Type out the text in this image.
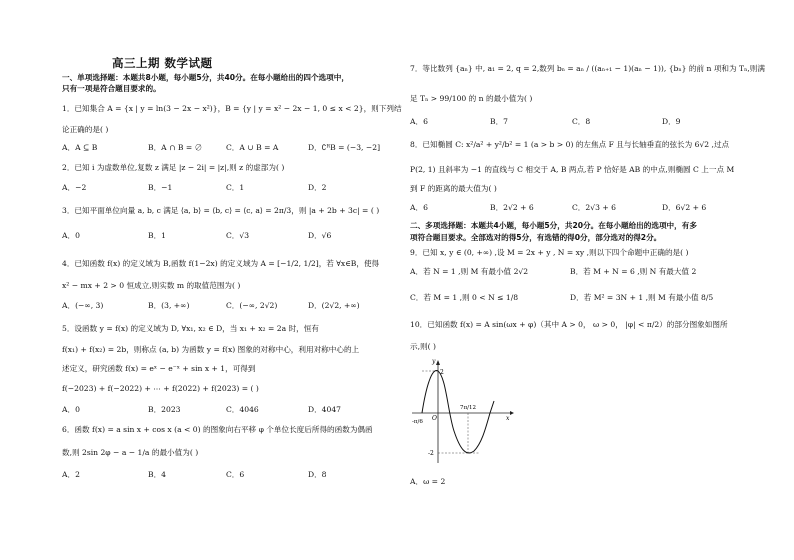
高三上期 数学试题
一、单项选择题：本题共8小题，每小题5分，共40分。在每小题给出的四个选项中，
只有一项是符合题目要求的。
1．已知集合 A = {x | y = ln(3 − 2x − x²)}，B = {y | y = x² − 2x − 1, 0 ≤ x < 2}，则下列结
论正确的是( )
A．A ⊆ B	B．A ∩ B = ∅	C．A ∪ B = A	D．∁ᴿB = (−3, −2]
2．已知 i 为虚数单位,复数 z 满足 |z − 2i| = |z|,则 z 的虚部为( )
A．−2	B．−1	C．1	D．2
3．已知平面单位向量 a, b, c 满足 ⟨a, b⟩ = ⟨b, c⟩ = ⟨c, a⟩ = 2π/3，则 |a + 2b + 3c| = ( )
A．0	B．1	C．√3	D．√6
4．已知函数 f(x) 的定义域为 B,函数 f(1−2x) 的定义域为 A = [−1/2, 1/2]，若 ∀x∈B，使得
x² − mx + 2 > 0 恒成立,则实数 m 的取值范围为( )
A．(−∞, 3)	B．(3, +∞)	C．(−∞, 2√2)	D．(2√2, +∞)
5．设函数 y = f(x) 的定义域为 D, ∀x₁, x₂ ∈ D，当 x₁ + x₂ = 2a 时，恒有
f(x₁) + f(x₂) = 2b，则称点 (a, b) 为函数 y = f(x) 图象的对称中心，利用对称中心的上
述定义，研究函数 f(x) = eˣ − e⁻ˣ + sin x + 1，可得到
f(−2023) + f(−2022) + ⋯ + f(2022) + f(2023) = ( )
A．0	B．2023	C．4046	D．4047
6．函数 f(x) = a sin x + cos x (a < 0) 的图象向右平移 φ 个单位长度后所得的函数为偶函
数,则 2sin 2φ − a − 1/a 的最小值为( )
A．2	B．4	C．6	D．8
7．等比数列 {aₙ} 中, a₁ = 2, q = 2,数列 bₙ = aₙ / ((aₙ₊₁ − 1)(aₙ − 1)), {bₙ} 的前 n 项和为 Tₙ,则满
足 Tₙ > 99/100 的 n 的最小值为( )
A．6	B．7	C．8	D．9
8．已知椭圆 C: x²/a² + y²/b² = 1 (a > b > 0) 的左焦点 F 且与长轴垂直的弦长为 6√2 ,过点
P(2, 1) 且斜率为 −1 的直线与 C 相交于 A, B 两点,若 P 恰好是 AB 的中点,则椭圆 C 上一点 M
到 F 的距离的最大值为( )
A．6	B．2√2 + 6	C．2√3 + 6	D．6√2 + 6
二、多项选择题：本题共4小题，每小题5分，共20分。在每小题给出的选项中，有多
项符合题目要求。全部选对的得5分，有选错的得0分，部分选对的得2分。
9．已知 x, y ∈ (0, +∞) ,设 M = 2x + y , N = xy ,则以下四个命题中正确的是( )
A．若 N = 1 ,则 M 有最小值 2√2	B．若 M + N = 6 ,则 N 有最大值 2
C．若 M = 1 ,则 0 < N ≤ 1/8	D．若 M² = 3N + 1 ,则 M 有最小值 8/5
10．已知函数 f(x) = A sin(ωx + φ)（其中 A > 0， ω > 0， |φ| < π/2）的部分图象如图所
示,则( )
y
2
-2
O
-π/6
7π/12
x
A．ω = 2
